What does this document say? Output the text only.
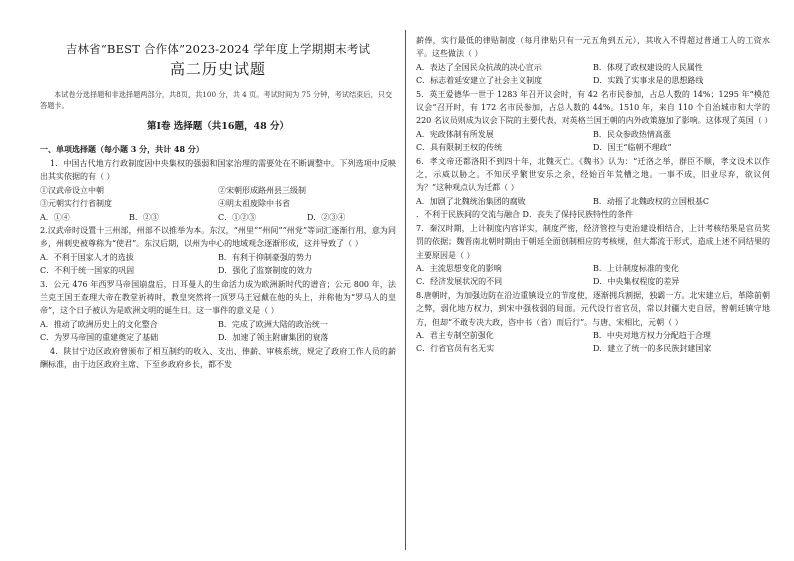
吉林省“BEST 合作体”2023-2024 学年度上学期期末考试
高二历史试题
本试卷分选择题和非选择题两部分，共8页，共100 分，共 4 页。考试时间为 75 分钟，考试结束后，只交答题卡。
第Ⅰ卷 选择题（共16题，48 分）
一、单项选择题（每小题 3 分，共计 48 分）

1．中国古代地方行政制度因中央集权的强弱和国家治理的需要处在不断调整中。下列选项中反映出其实依据的有（ ）

①汉武帝设立中朝	②宋朝形成路州县三级制
③元朝实行行省制度	④明太祖废除中书省
A．①④	B．②③	C．①②③	D．②③④

2.汉武帝时设置十三州部，州部不以推举为本。东汉，“州里”“州间”“州党”等词汇逐渐行用，意为同乡，州刺史被尊称为“使君”。东汉后期，以州为中心的地域观念逐渐形成，这并导致了（ ）

A．不利于国家人才的选拔	B．有利于抑制豪强的势力
C．不利于统一国家的巩固	D．强化了监察制度的效力

3．公元 476 年西罗马帝国崩盘后，日耳曼人的生命活力成为欧洲新时代的谱音；公元 800 年，法兰克王国王查理大帝在教堂祈祷时，教皇突然将一顶罗马王冠戴在他的头上，并称他为“罗马人的皇帝”，这个日子被认为是欧洲文明的诞生日。这一事件的意义是（ ）

A．推动了欧洲历史上的文化整合	B．完成了欧洲大陆的政治统一
C．为罗马帝国的重建奠定了基础	D．加速了领主附庸集团的衰落

4．陕甘宁边区政府曾颁布了相互制约的收入、支出、俸薪、审核系统，规定了政府工作人员的薪酬标准，由于边区政府主席、下至乡政府乡长，都不发

薪俸，实行最低的律贴制度（每月律贴只有一元五角到五元），其收入不得超过普通工人的工资水平。这些做法（ ）

A．表达了全国民众抗战的决心宣示	B．体现了政权建设的人民属性
C．标志着延安建立了社会主义制度	D．实践了实事求是的思想路线

5．英王爱德华一世于 1283 年召开议会时，有 42 名市民参加，占总人数的 14%；1295 年“模范议会”召开时，有 172 名市民参加，占总人数的 44%。1510 年，来自 110 个自治城市和大学的 220 名议员则成为议会下院的主要代表，对英格兰国王朝的内外政策施加了影响。这体现了英国（ ）

A．宪政体制有所发展	B．民众参政热情高涨
C．具有限制王权的传统	D．国王“临朝不理政”

6．孝文帝还都洛阳不到四十年，北魏灭亡。《魏书》认为：“迁洛之举，群臣不顺，孝文设术以作之，示威以胁之。不知厌乎繁世安乐之余，经始百年荒槽之地。一事不成，旧业尽弃，欲议何为？”这种观点认为迁都（ ）

A．加剧了北魏统治集团的腐败	B．动摇了北魏政权的立国根基C
．不利于民族间的交流与融合 D．丧失了保持民族特性的条件

7．秦汉时期，上计制度内容详实，制度严密，经济管控与吏治建设相结合，上计考核结果是官员奖罚的依据；魏晋南北朝时期由于朝廷全面创制相应的考核规，但大都流于形式，造成上述不同结果的主要原因是（ ）

A．主流思想变化的影响	B．上计制度标准的变化
C．经济发展状况的不同	D．中央集权程度的差异

8.唐朝时，为加强边防在沿边重镇设立的节度使，逐渐拥兵割据，独霸一方。北宋建立后，革除前朝之弊，弱化地方权力，到宋中强枝弱的局面。元代设行省官员，常以封疆大吏自居，曾朝廷镇守地方，但却“不敢专决大政，咨中书（省）而后行”。与唐、宋相比，元朝（ ）

A．君主专制空前强化	B．中央对地方权力分配趋于合理
C．行省官员有名无实	D．建立了统一的多民族封建国家
